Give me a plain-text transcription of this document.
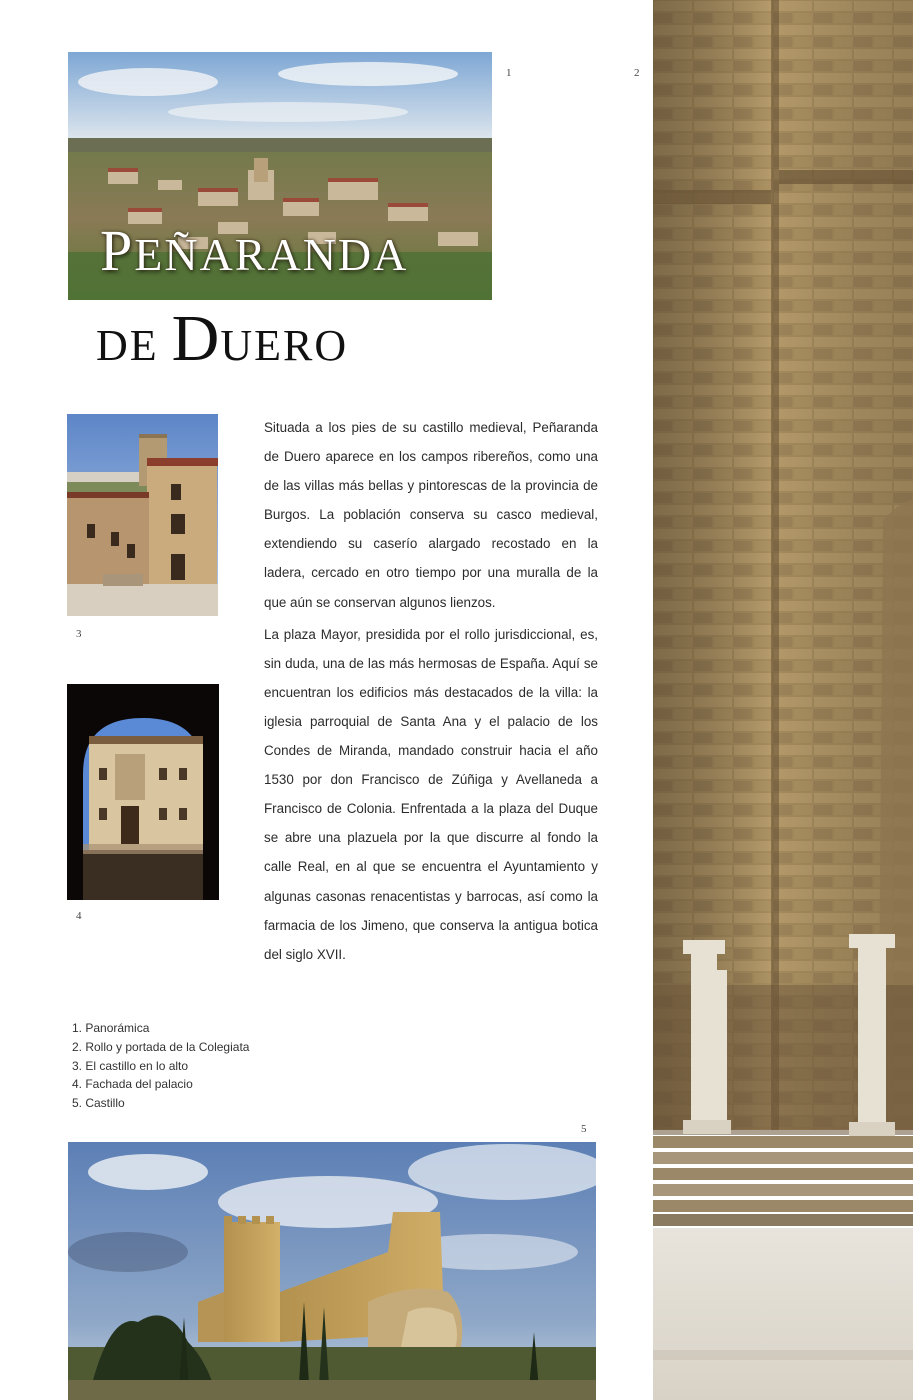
PEÑARANDA
DE DUERO
1	2
3
4

Situada a los pies de su castillo medieval, Peñaranda de Duero aparece en los campos ribereños, como una de las villas más bellas y pintorescas de la provincia de Burgos. La población conserva su casco medieval, extendiendo su caserío alargado recostado en la ladera, cercado en otro tiempo por una muralla de la que aún se conservan algunos lienzos.

La plaza Mayor, presidida por el rollo jurisdiccional, es, sin duda, una de las más hermosas de España. Aquí se encuentran los edificios más destacados de la villa: la iglesia parroquial de Santa Ana y el palacio de los Condes de Miranda, mandado construir hacia el año 1530 por don Francisco de Zúñiga y Avellaneda a Francisco de Colonia. Enfrentada a la plaza del Duque se abre una plazuela por la que discurre al fondo la calle Real, en al que se encuentra el Ayuntamiento y algunas casonas renacentistas y barrocas, así como la farmacia de los Jimeno, que conserva la antigua botica del siglo XVII.

1. Panorámica
2. Rollo y portada de la Colegiata
3. El castillo en lo alto
4. Fachada del palacio
5. Castillo
5
